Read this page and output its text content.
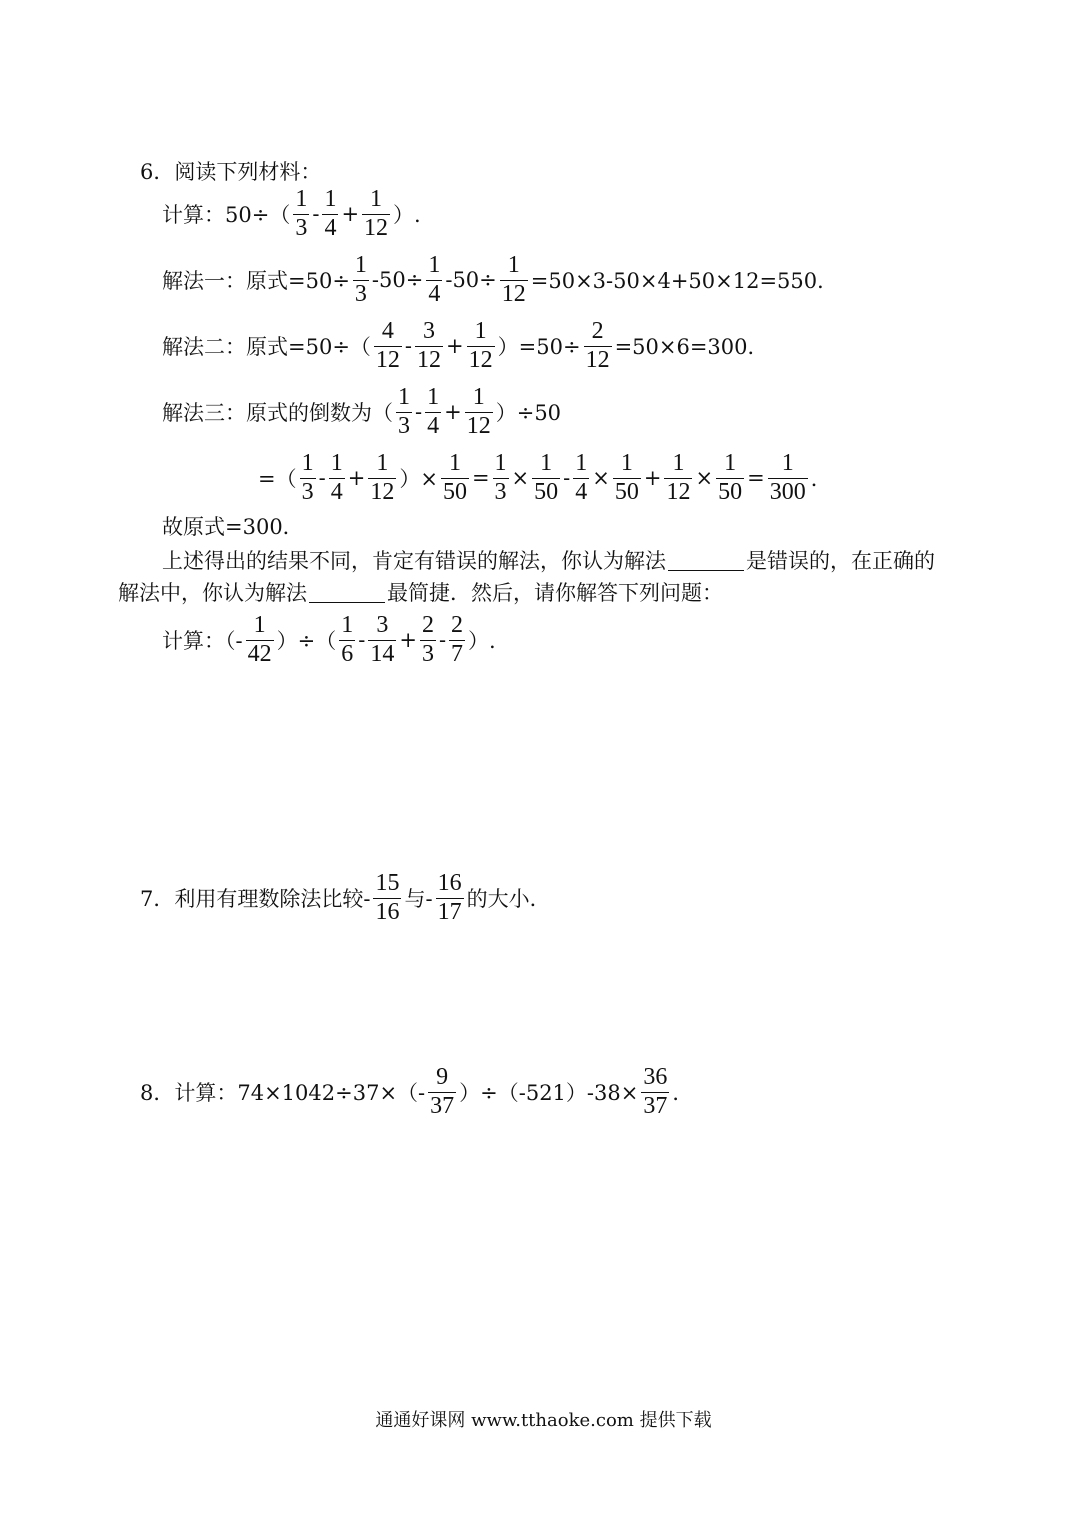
6．阅读下列材料：
计算：$50\div( \frac{1}{3} - \frac{1}{4} + \frac{1}{12}$ ）.
解法一：原式$=50\div \frac{1}{3} -50\div \frac{1}{4} -50\div \frac{1}{12} =50\times 3-50\times 4+50\times 12=550$．
解法二：原式$=50\div( \frac{4}{12} - \frac{3}{12} + \frac{1}{12} )=50\div \frac{2}{12} =50\times 6=300$．
解法三：原式的倒数为（ $\frac{1}{3} - \frac{1}{4} + \frac{1}{12} )\div 50$
=（ $\frac{1}{3} - \frac{1}{4} + \frac{1}{12}$ ）× $\frac{1}{50} = \frac{1}{3} \times \frac{1}{50} - \frac{1}{4} \times \frac{1}{50} + \frac{1}{12} \times \frac{1}{50} = \frac{1}{300}$ ．
故原式=300．
上述得出的结果不同，肯定有错误的解法，你认为解法	是错误的，在正确的
解法中，你认为解法	最简捷．然后，请你解答下列问题：
计算：（- $\frac{1}{42}$ ）÷（ $\frac{1}{6} - \frac{3}{14} + \frac{2}{3} - \frac{2}{7}$ ）.
7．利用有理数除法比较- $\frac{15}{16}$ 与- $\frac{16}{17}$ 的大小．
8．计算：$74\times 1042\div 37\times(- \frac{9}{37} )\div(-521)-38\times \frac{36}{37}$ ．
通通好课网 www.tthaoke.com 提供下载
